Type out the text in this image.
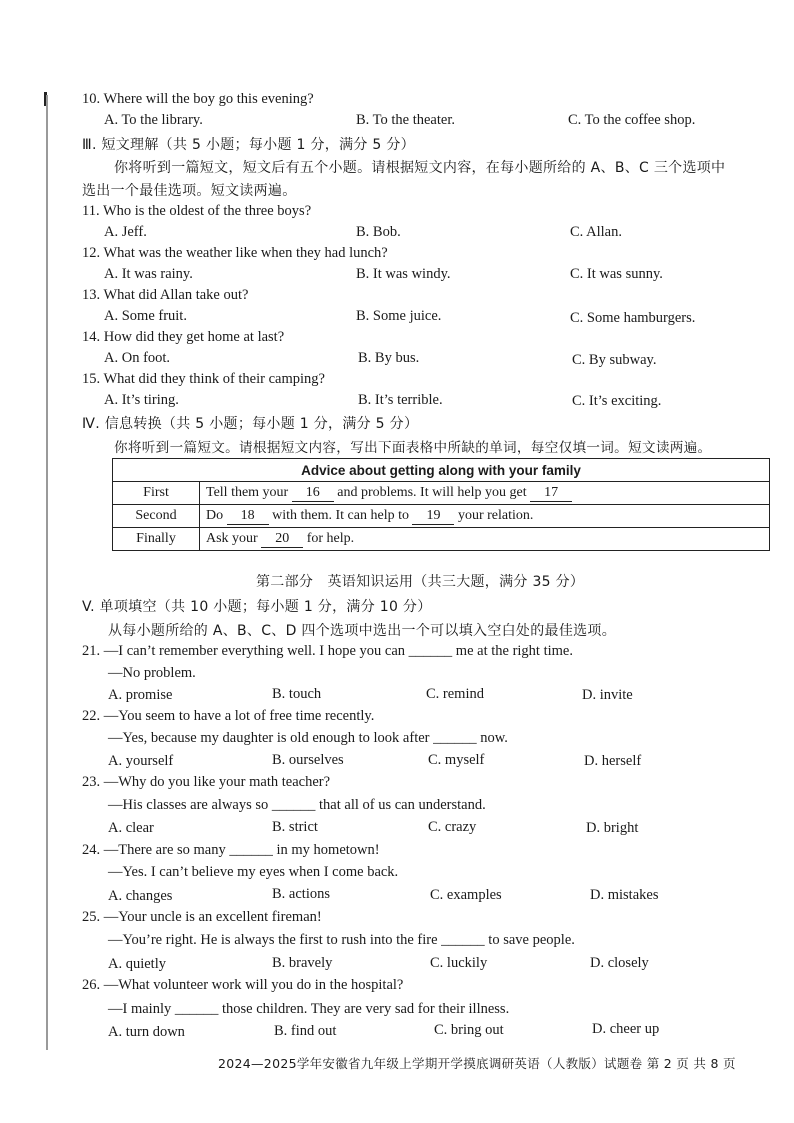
10. Where will the boy go this evening?
A. To the library.	B. To the theater.	C. To the coffee shop.
Ⅲ. 短文理解（共 5 小题；每小题 1 分，满分 5 分）
你将听到一篇短文，短文后有五个小题。请根据短文内容，在每小题所给的 A、B、C 三个选项中
选出一个最佳选项。短文读两遍。
11. Who is the oldest of the three boys?
A. Jeff.	B. Bob.	C. Allan.
12. What was the weather like when they had lunch?
A. It was rainy.	B. It was windy.	C. It was sunny.
13. What did Allan take out?
A. Some fruit.	B. Some juice.	C. Some hamburgers.
14. How did they get home at last?
A. On foot.	B. By bus.	C. By subway.
15. What did they think of their camping?
A. It’s tiring.	B. It’s terrible.	C. It’s exciting.
Ⅳ. 信息转换（共 5 小题；每小题 1 分，满分 5 分）
你将听到一篇短文。请根据短文内容，写出下面表格中所缺的单词，每空仅填一词。短文读两遍。
Advice about getting along with your family	
First	Tell them your 16 and problems. It will help you get 17
Second	Do 18 with them. It can help to 19 your relation.
Finally	Ask your 20 for help.
第二部分　英语知识运用（共三大题，满分 35 分）
V. 单项填空（共 10 小题；每小题 1 分，满分 10 分）
从每小题所给的 A、B、C、D 四个选项中选出一个可以填入空白处的最佳选项。
21. —I can’t remember everything well. I hope you can ______ me at the right time.
—No problem.
A. promise	B. touch	C. remind	D. invite
22. —You seem to have a lot of free time recently.
—Yes, because my daughter is old enough to look after ______ now.
A. yourself	B. ourselves	C. myself	D. herself
23. —Why do you like your math teacher?
—His classes are always so ______ that all of us can understand.
A. clear	B. strict	C. crazy	D. bright
24. —There are so many ______ in my hometown!
—Yes. I can’t believe my eyes when I come back.
A. changes	B. actions	C. examples	D. mistakes
25. —Your uncle is an excellent fireman!
—You’re right. He is always the first to rush into the fire ______ to save people.
A. quietly	B. bravely	C. luckily	D. closely
26. —What volunteer work will you do in the hospital?
—I mainly ______ those children. They are very sad for their illness.
A. turn down	B. find out	C. bring out	D. cheer up
2024—2025学年安徽省九年级上学期开学摸底调研英语（人教版）试题卷 第 2 页 共 8 页
